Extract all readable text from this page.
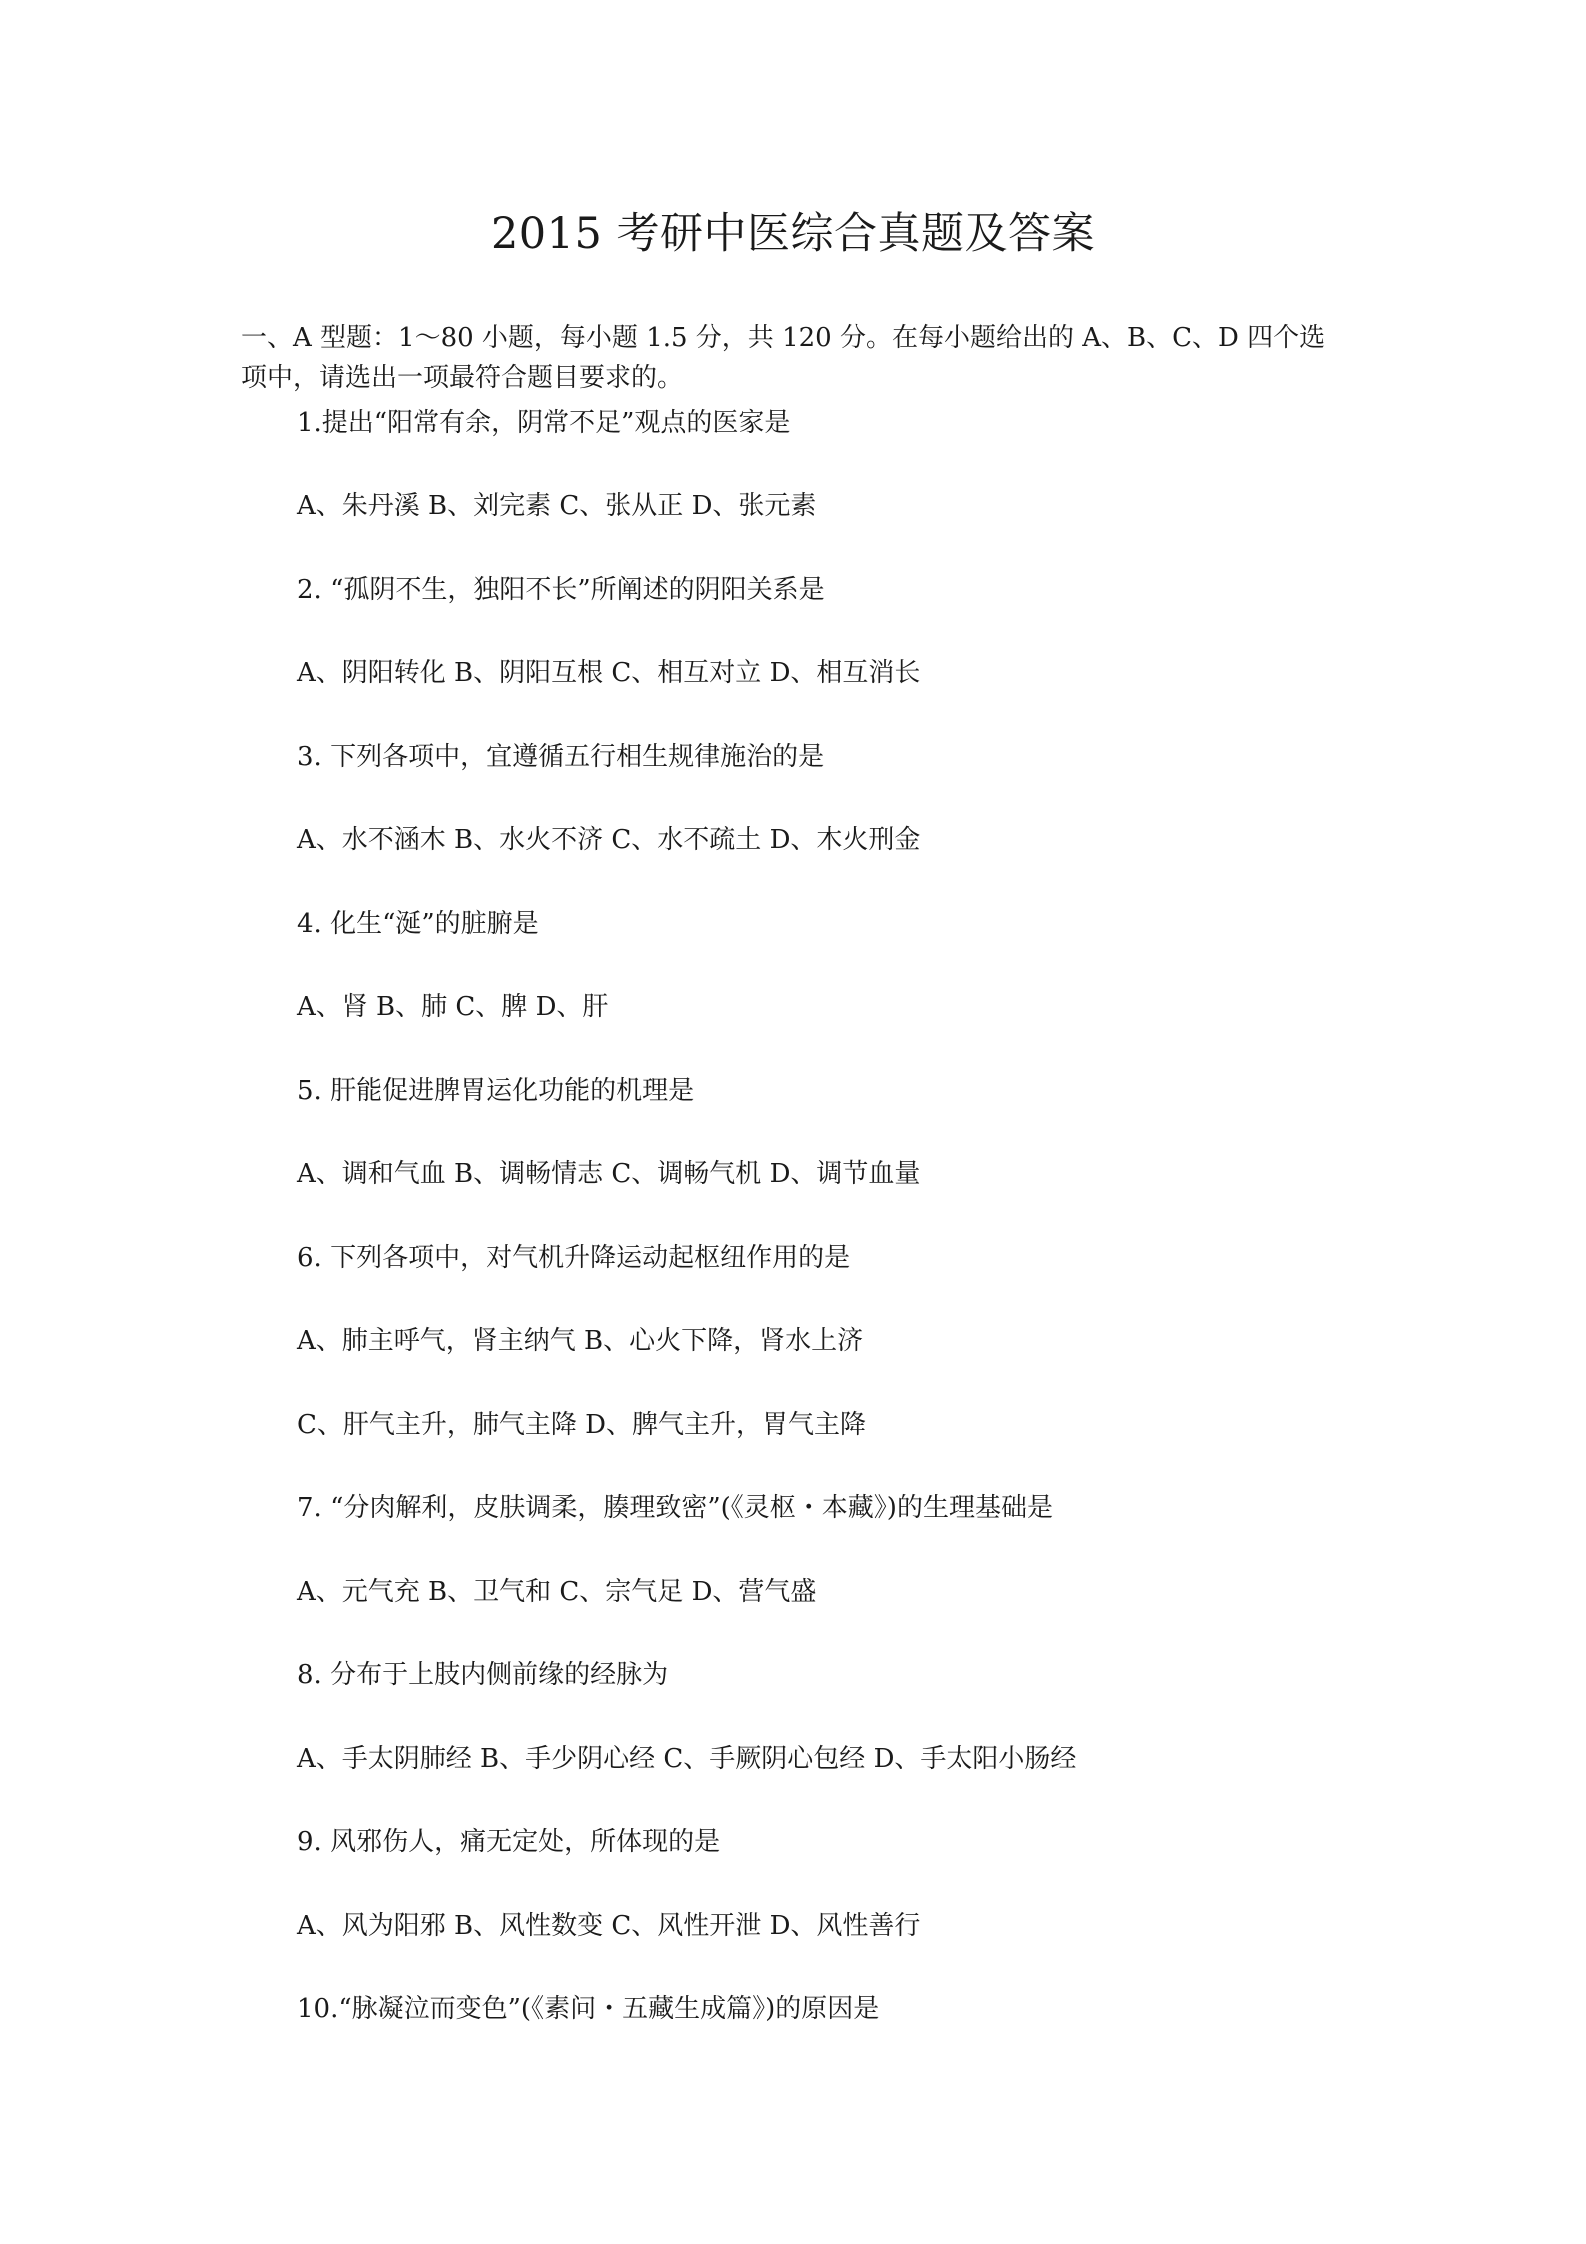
2015 考研中医综合真题及答案

一、A 型题：1～80 小题，每小题 1.5 分，共 120 分。在每小题给出的 A、B、C、D 四个选

项中，请选出一项最符合题目要求的。

1.提出“阳常有余，阴常不足”观点的医家是
A、朱丹溪 B、刘完素 C、张从正 D、张元素
2. “孤阴不生，独阳不长”所阐述的阴阳关系是
A、阴阳转化 B、阴阳互根 C、相互对立 D、相互消长
3. 下列各项中，宜遵循五行相生规律施治的是
A、水不涵木 B、水火不济 C、水不疏土 D、木火刑金
4. 化生“涎”的脏腑是
A、肾 B、肺 C、脾 D、肝
5. 肝能促进脾胃运化功能的机理是
A、调和气血 B、调畅情志 C、调畅气机 D、调节血量
6. 下列各项中，对气机升降运动起枢纽作用的是
A、肺主呼气，肾主纳气 B、心火下降，肾水上济
C、肝气主升，肺气主降 D、脾气主升，胃气主降
7. “分肉解利，皮肤调柔，腠理致密”(《灵枢・本藏》)的生理基础是
A、元气充 B、卫气和 C、宗气足 D、营气盛
8. 分布于上肢内侧前缘的经脉为
A、手太阴肺经 B、手少阴心经 C、手厥阴心包经 D、手太阳小肠经
9. 风邪伤人，痛无定处，所体现的是
A、风为阳邪 B、风性数变 C、风性开泄 D、风性善行
10.“脉凝泣而变色”(《素问・五藏生成篇》)的原因是
